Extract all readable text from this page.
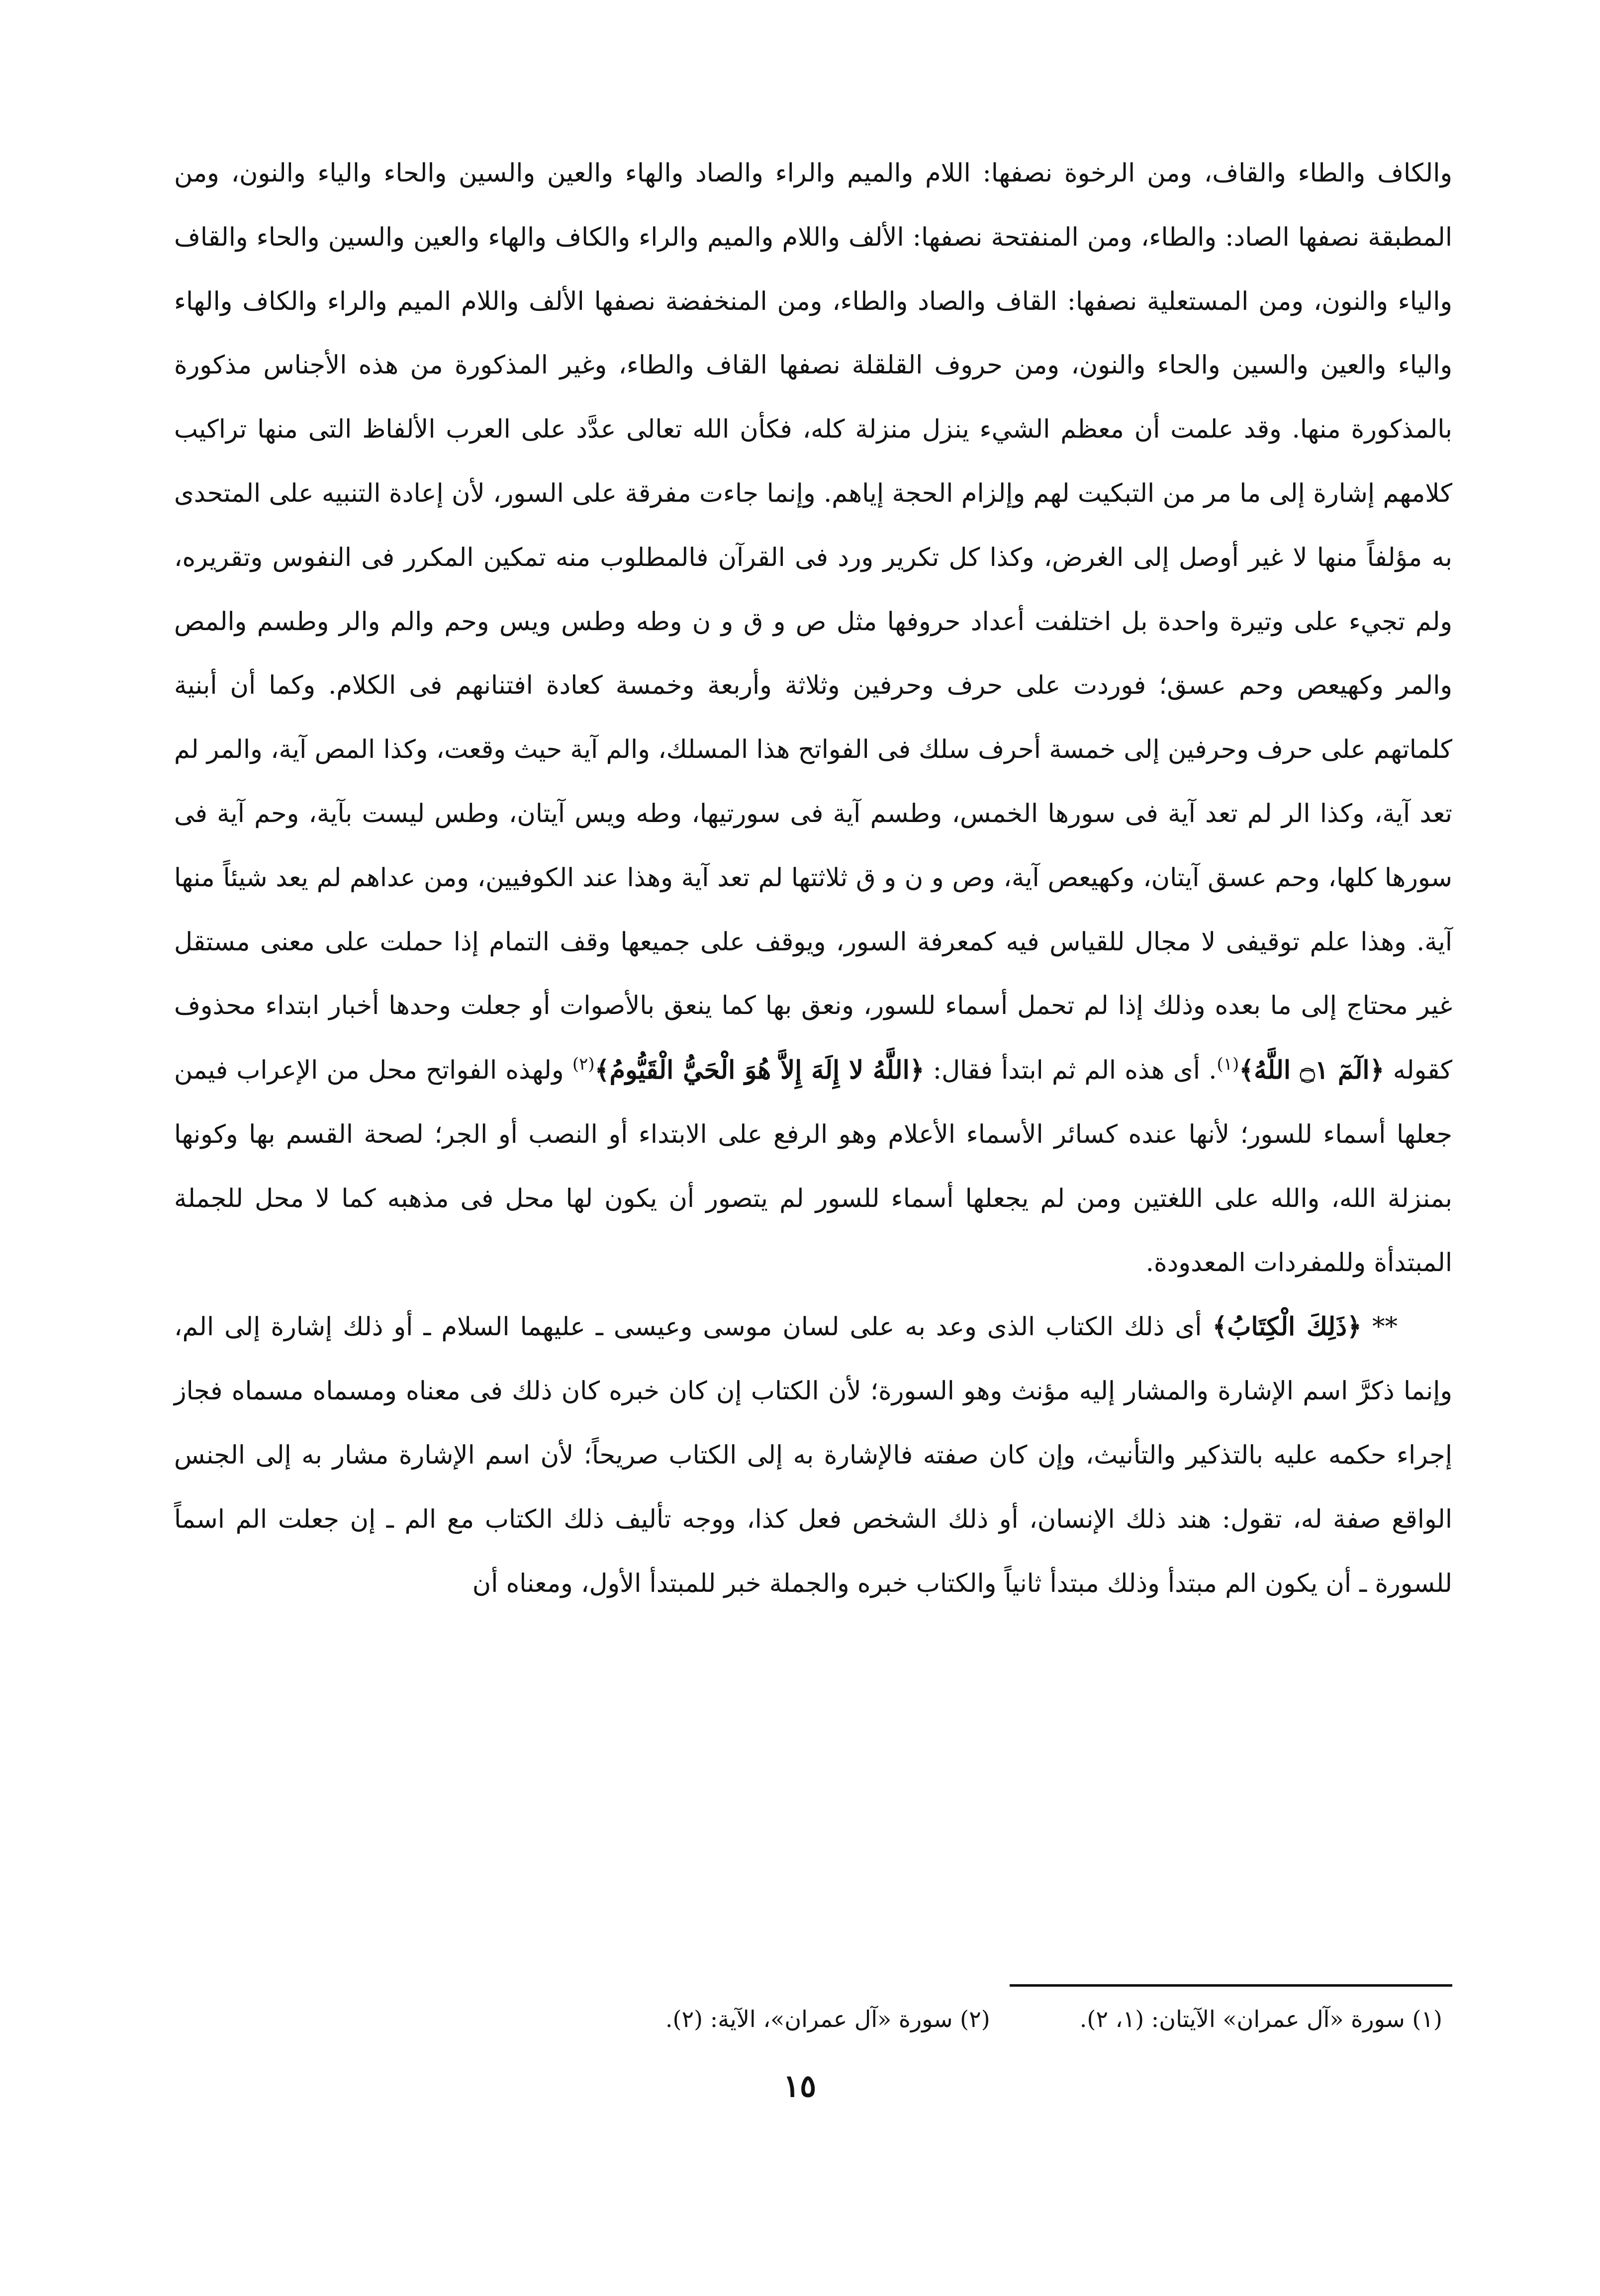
والكاف والطاء والقاف، ومن الرخوة نصفها: اللام والميم والراء والصاد والهاء والعين والسين والحاء والياء والنون، ومن المطبقة نصفها الصاد: والطاء، ومن المنفتحة نصفها: الألف واللام والميم والراء والكاف والهاء والعين والسين والحاء والقاف والياء والنون، ومن المستعلية نصفها: القاف والصاد والطاء، ومن المنخفضة نصفها الألف واللام الميم والراء والكاف والهاء والياء والعين والسين والحاء والنون، ومن حروف القلقلة نصفها القاف والطاء، وغير المذكورة من هذه الأجناس مذكورة بالمذكورة منها. وقد علمت أن معظم الشيء ينزل منزلة كله، فكأن الله تعالى عدَّد على العرب الألفاظ التى منها تراكيب كلامهم إشارة إلى ما مر من التبكيت لهم وإلزام الحجة إياهم. وإنما جاءت مفرقة على السور، لأن إعادة التنبيه على المتحدى به مؤلفاً منها لا غير أوصل إلى الغرض، وكذا كل تكرير ورد فى القرآن فالمطلوب منه تمكين المكرر فى النفوس وتقريره، ولم تجيء على وتيرة واحدة بل اختلفت أعداد حروفها مثل ص و ق و ن وطه وطس ويس وحم والم والر وطسم والمص والمر وكهيعص وحم عسق؛ فوردت على حرف وحرفين وثلاثة وأربعة وخمسة كعادة افتنانهم فى الكلام. وكما أن أبنية كلماتهم على حرف وحرفين إلى خمسة أحرف سلك فى الفواتح هذا المسلك، والم آية حيث وقعت، وكذا المص آية، والمر لم تعد آية، وكذا الر لم تعد آية فى سورها الخمس، وطسم آية فى سورتيها، وطه ويس آيتان، وطس ليست بآية، وحم آية فى سورها كلها، وحم عسق آيتان، وكهيعص آية، وص و ن و ق ثلاثتها لم تعد آية وهذا عند الكوفيين، ومن عداهم لم يعد شيئاً منها آية. وهذا علم توقيفى لا مجال للقياس فيه كمعرفة السور، ويوقف على جميعها وقف التمام إذا حملت على معنى مستقل غير محتاج إلى ما بعده وذلك إذا لم تحمل أسماء للسور، ونعق بها كما ينعق بالأصوات أو جعلت وحدها أخبار ابتداء محذوف كقوله ﴿الٓمٓ ۝١ اللَّهُ﴾$^{(١)}$. أى هذه الم ثم ابتدأ فقال: ﴿اللَّهُ لا إِلَهَ إِلاَّ هُوَ الْحَيُّ الْقَيُّومُ﴾$^{(٢)}$ ولهذه الفواتح محل من الإعراب فيمن جعلها أسماء للسور؛ لأنها عنده كسائر الأسماء الأعلام وهو الرفع على الابتداء أو النصب أو الجر؛ لصحة القسم بها وكونها بمنزلة الله، والله على اللغتين ومن لم يجعلها أسماء للسور لم يتصور أن يكون لها محل فى مذهبه كما لا محل للجملة المبتدأة وللمفردات المعدودة.

** ﴿ذَلِكَ الْكِتَابُ﴾ أى ذلك الكتاب الذى وعد به على لسان موسى وعيسى ـ عليهما السلام ـ أو ذلك إشارة إلى الم، وإنما ذكرَّ اسم الإشارة والمشار إليه مؤنث وهو السورة؛ لأن الكتاب إن كان خبره كان ذلك فى معناه ومسماه مسماه فجاز إجراء حكمه عليه بالتذكير والتأنيث، وإن كان صفته فالإشارة به إلى الكتاب صريحاً؛ لأن اسم الإشارة مشار به إلى الجنس الواقع صفة له، تقول: هند ذلك الإنسان، أو ذلك الشخص فعل كذا، ووجه تأليف ذلك الكتاب مع الم ـ إن جعلت الم اسماً للسورة ـ أن يكون الم مبتدأ وذلك مبتدأ ثانياً والكتاب خبره والجملة خبر للمبتدأ الأول، ومعناه أن

(١) سورة «آل عمران» الآيتان: (١، ٢).
(٢) سورة «آل عمران»، الآية: (٢).
١٥
